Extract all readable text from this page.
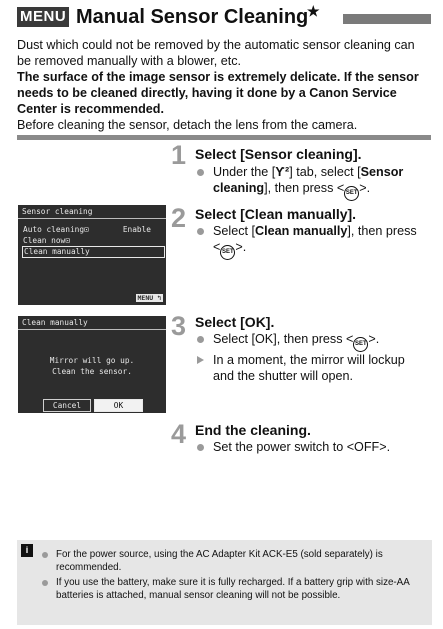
MENU Manual Sensor Cleaning
★

Dust which could not be removed by the automatic sensor cleaning can be removed manually with a blower, etc.

The surface of the image sensor is extremely delicate. If the sensor needs to be cleaned directly, having it done by a Canon Service Center is recommended.

Before cleaning the sensor, detach the lens from the camera.

1 Select [Sensor cleaning].
Under the [Ƴ²] tab, select [Sensor cleaning], then press < SET >.
Sensor cleaning
Auto cleaning⊡	Enable
Clean now⊡
Clean manually
MENU ↰
2 Select [Clean manually].
Select [Clean manually], then press
< SET >.
Clean manually
Mirror will go up.
Clean the sensor.
Cancel	OK
3 Select [OK].
Select [OK], then press < SET >.
In a moment, the mirror will lockup and the shutter will open.
4 End the cleaning.
Set the power switch to <OFF>.
i	For the power source, using the AC Adapter Kit ACK-E5 (sold separately) is recommended.
If you use the battery, make sure it is fully recharged. If a battery grip with size-AA batteries is attached, manual sensor cleaning will not be possible.
